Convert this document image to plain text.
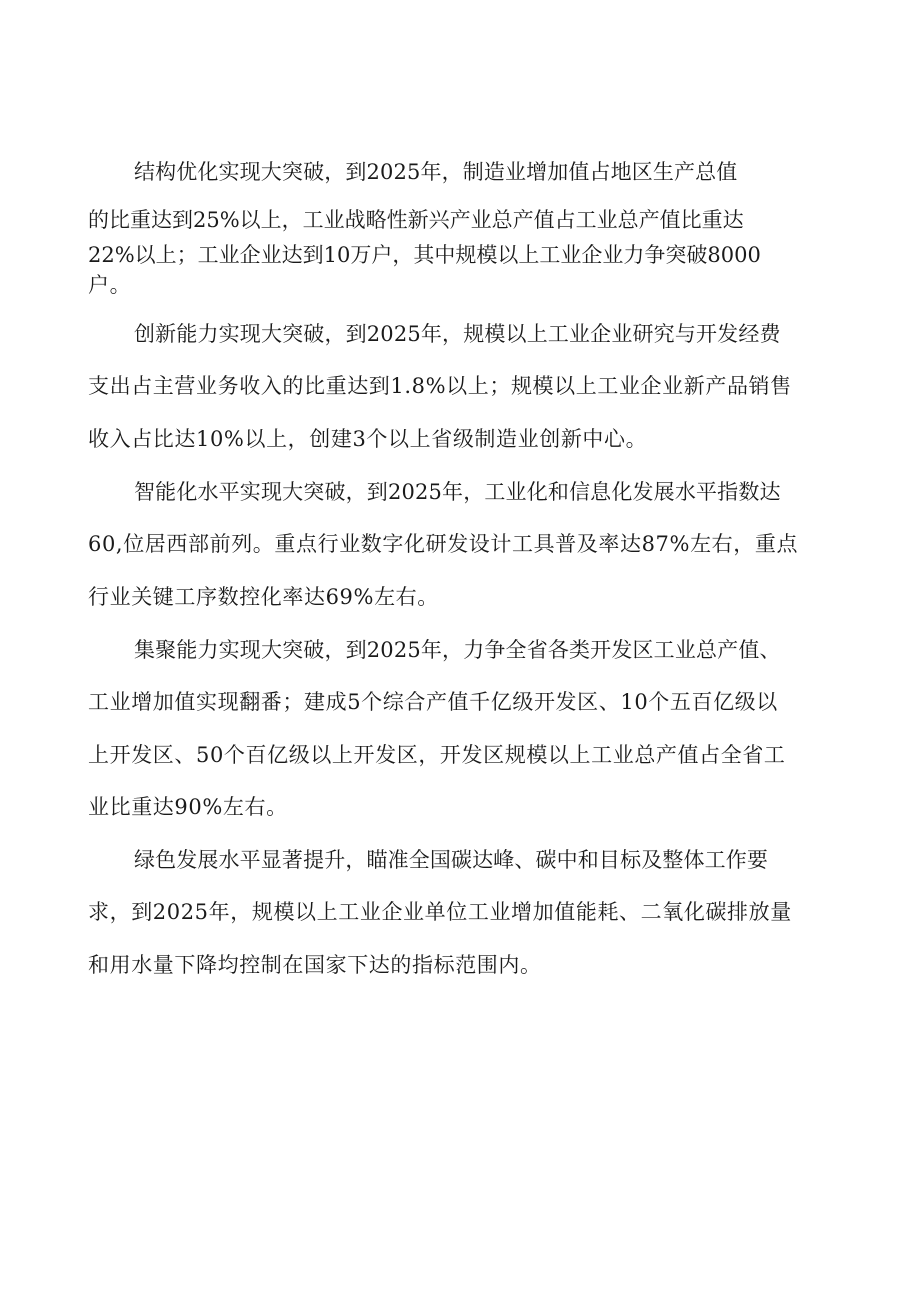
结构优化实现大突破，到2025年，制造业增加值占地区生产总值
的比重达到25%以上，工业战略性新兴产业总产值占工业总产值比重达
22%以上；工业企业达到10万户，其中规模以上工业企业力争突破8000
户。
创新能力实现大突破，到2025年，规模以上工业企业研究与开发经费
支出占主营业务收入的比重达到1.8%以上；规模以上工业企业新产品销售
收入占比达10%以上，创建3个以上省级制造业创新中心。
智能化水平实现大突破，到2025年，工业化和信息化发展水平指数达
60,位居西部前列。重点行业数字化研发设计工具普及率达87%左右，重点
行业关键工序数控化率达69%左右。
集聚能力实现大突破，到2025年，力争全省各类开发区工业总产值、
工业增加值实现翻番；建成5个综合产值千亿级开发区、10个五百亿级以
上开发区、50个百亿级以上开发区，开发区规模以上工业总产值占全省工
业比重达90%左右。
绿色发展水平显著提升，瞄准全国碳达峰、碳中和目标及整体工作要
求，到2025年，规模以上工业企业单位工业增加值能耗、二氧化碳排放量
和用水量下降均控制在国家下达的指标范围内。
